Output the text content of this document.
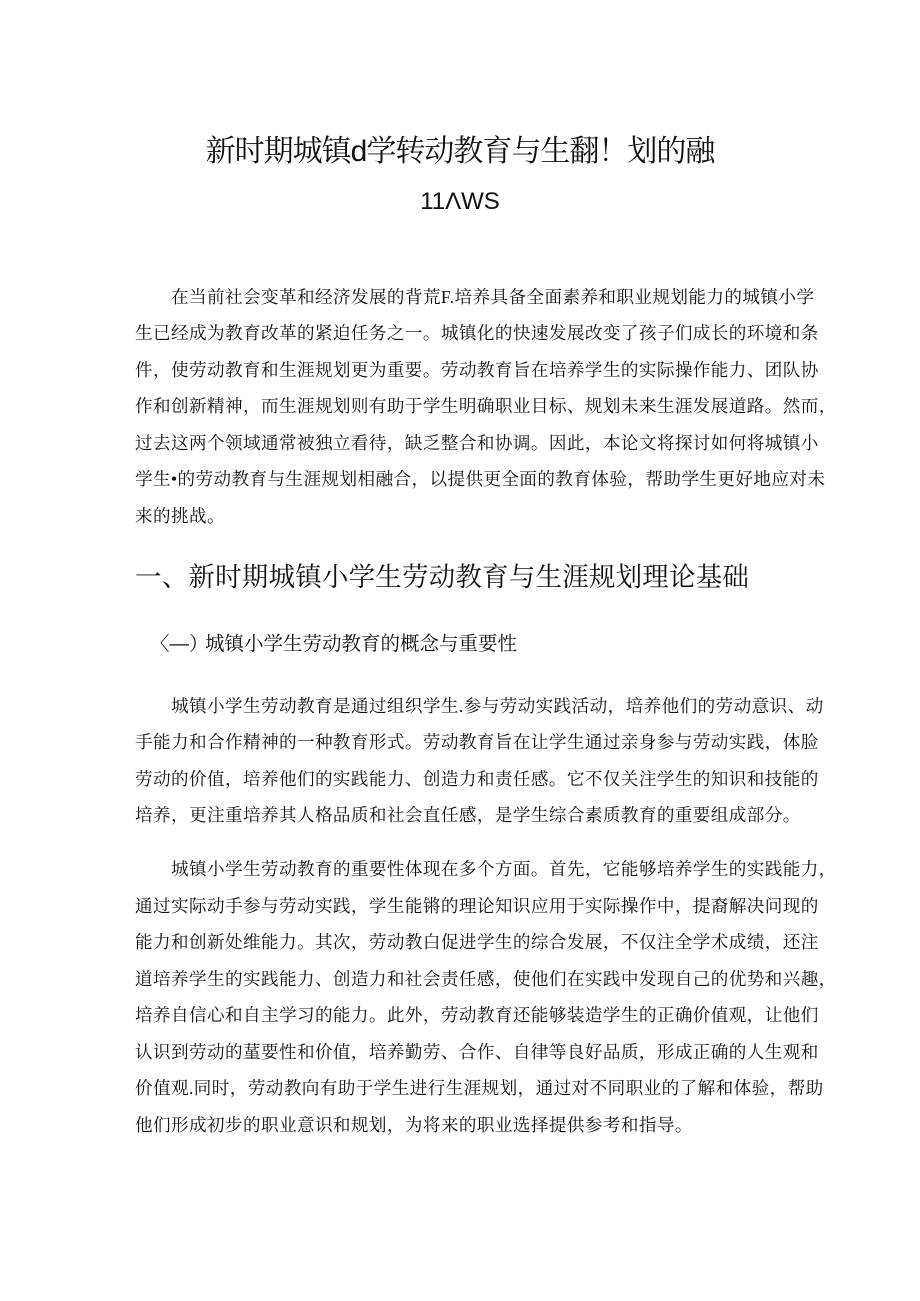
新时期城镇d学转动教育与生翻！划的融
11ΛWS
在当前社会变革和经济发展的背荒F.培养具备全面素养和职业规划能力的城镇小学
生已经成为教育改革的紧迫任务之一。城镇化的快速发展改变了孩子们成长的环境和条
件，使劳动教育和生涯规划更为重要。劳动教育旨在培养学生的实际操作能力、团队协
作和创新精神，而生涯规划则有助于学生明确职业目标、规划未来生涯发展道路。然而，
过去这两个领域通常被独立看待，缺乏整合和协调。因此，本论文将探讨如何将城镇小
学生•的劳动教育与生涯规划相融合，以提供更全面的教育体验，帮助学生更好地应对未
来的挑战。
一、新时期城镇小学生劳动教育与生涯规划理论基础
〈—）城镇小学生劳动教育的概念与重要性
城镇小学生劳动教育是通过组织学生.参与劳动实践活动，培养他们的劳动意识、动
手能力和合作精神的一种教育形式。劳动教育旨在让学生通过亲身参与劳动实践，体脸
劳动的价值，培养他们的实践能力、创造力和责任感。它不仅关注学生的知识和技能的
培养，更注重培养其人格品质和社会直任感，是学生综合素质教育的重要组成部分。
城镇小学生劳动教育的重要性体现在多个方面。首先，它能够培养学生的实践能力，
通过实际动手参与劳动实践，学生能锵的理论知识应用于实际操作中，提裔解决问现的
能力和创新处维能力。其次，劳动教白促进学生的综合发展，不仅注全学术成绩，还注
道培养学生的实践能力、创造力和社会责任感，使他们在实践中发现自己的优势和兴趣，
培养自信心和自主学习的能力。此外，劳动教育还能够装造学生的正确价值观，让他们
认识到劳动的蓳要性和价值，培养勤劳、合作、自律等良好品质，形成正确的人生观和
价值观.同时，劳动教向有助于学生进行生涯规划，通过对不同职业的了解和体验，帮助
他们形成初步的职业意识和规划，为将来的职业选择提供参考和指导。
